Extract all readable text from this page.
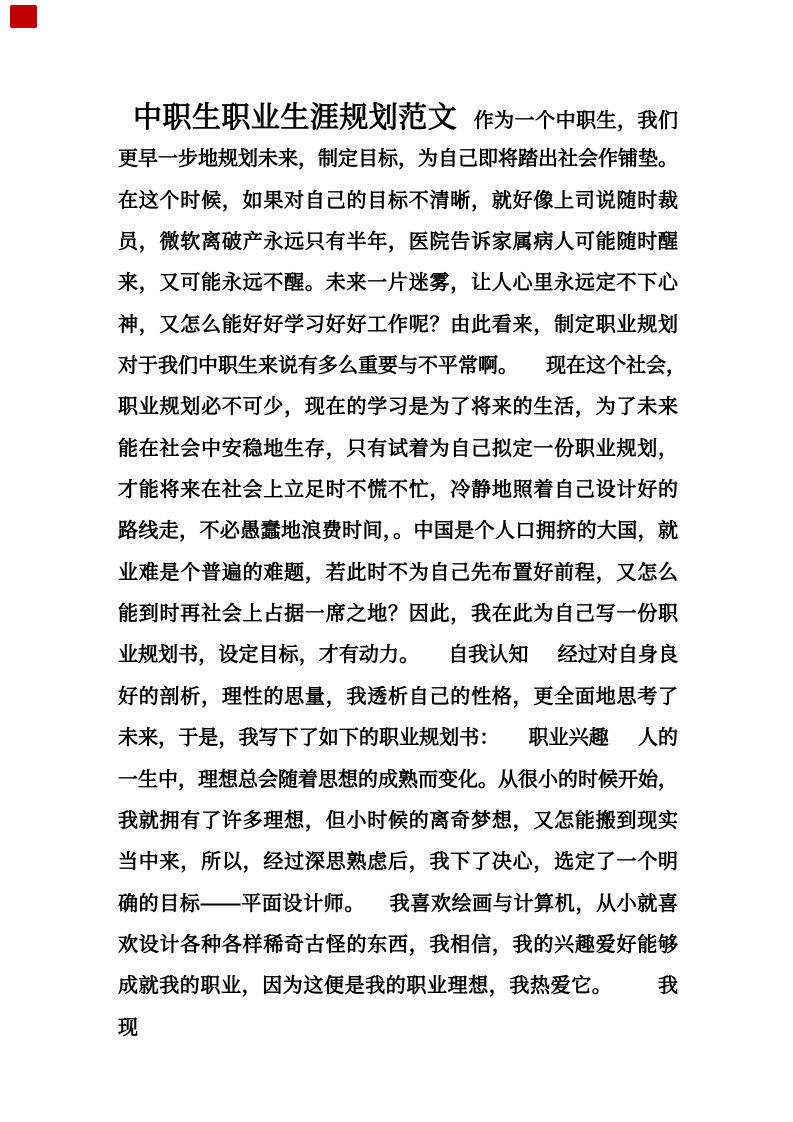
中职生职业生涯规划范文 作为一个中职生，我们
更早一步地规划未来，制定目标，为自己即将踏出社会作铺垫。
在这个时候，如果对自己的目标不清晰，就好像上司说随时裁
员，微软离破产永远只有半年，医院告诉家属病人可能随时醒
来，又可能永远不醒。未来一片迷雾，让人心里永远定不下心
神，又怎么能好好学习好好工作呢？由此看来，制定职业规划
对于我们中职生来说有多么重要与不平常啊。 现在这个社会，
职业规划必不可少，现在的学习是为了将来的生活，为了未来
能在社会中安稳地生存，只有试着为自己拟定一份职业规划，
才能将来在社会上立足时不慌不忙，冷静地照着自己设计好的
路线走，不必愚蠢地浪费时间，。中国是个人口拥挤的大国，就
业难是个普遍的难题，若此时不为自己先布置好前程，又怎么
能到时再社会上占据一席之地？因此，我在此为自己写一份职
业规划书，设定目标，才有动力。 自我认知 经过对自身良
好的剖析，理性的思量，我透析自己的性格，更全面地思考了
未来，于是，我写下了如下的职业规划书： 职业兴趣 人的
一生中，理想总会随着思想的成熟而变化。从很小的时候开始，
我就拥有了许多理想，但小时候的离奇梦想，又怎能搬到现实
当中来，所以，经过深思熟虑后，我下了决心，选定了一个明
确的目标——平面设计师。 我喜欢绘画与计算机，从小就喜
欢设计各种各样稀奇古怪的东西，我相信，我的兴趣爱好能够
成就我的职业，因为这便是我的职业理想，我热爱它。 我现
